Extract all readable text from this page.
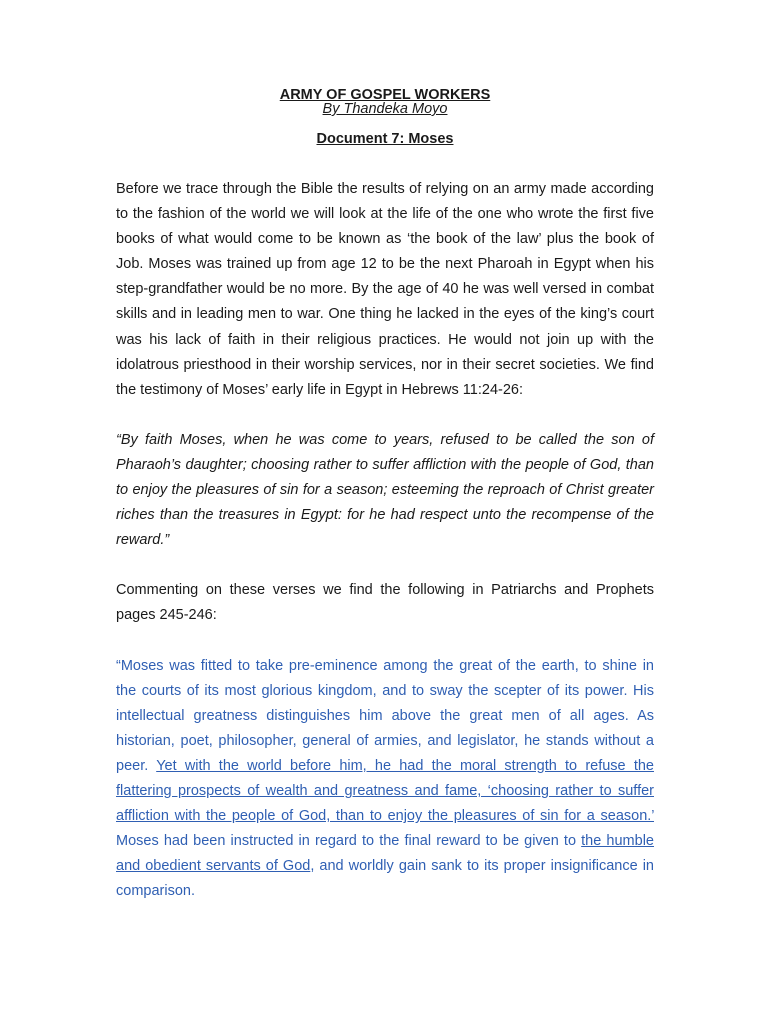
ARMY OF GOSPEL WORKERS

By Thandeka Moyo

Document 7: Moses

Before we trace through the Bible the results of relying on an army made according to the fashion of the world we will look at the life of the one who wrote the first five books of what would come to be known as ‘the book of the law’ plus the book of Job. Moses was trained up from age 12 to be the next Pharoah in Egypt when his step-grandfather would be no more. By the age of 40 he was well versed in combat skills and in leading men to war. One thing he lacked in the eyes of the king’s court was his lack of faith in their religious practices. He would not join up with the idolatrous priesthood in their worship services, nor in their secret societies. We find the testimony of Moses’ early life in Egypt in Hebrews 11:24-26:

“By faith Moses, when he was come to years, refused to be called the son of Pharaoh’s daughter; choosing rather to suffer affliction with the people of God, than to enjoy the pleasures of sin for a season; esteeming the reproach of Christ greater riches than the treasures in Egypt: for he had respect unto the recompense of the reward.”

Commenting on these verses we find the following in Patriarchs and Prophets pages 245-246:

“Moses was fitted to take pre-eminence among the great of the earth, to shine in the courts of its most glorious kingdom, and to sway the scepter of its power. His intellectual greatness distinguishes him above the great men of all ages. As historian, poet, philosopher, general of armies, and legislator, he stands without a peer. Yet with the world before him, he had the moral strength to refuse the flattering prospects of wealth and greatness and fame, ‘choosing rather to suffer affliction with the people of God, than to enjoy the pleasures of sin for a season.’ Moses had been instructed in regard to the final reward to be given to the humble and obedient servants of God, and worldly gain sank to its proper insignificance in comparison.
